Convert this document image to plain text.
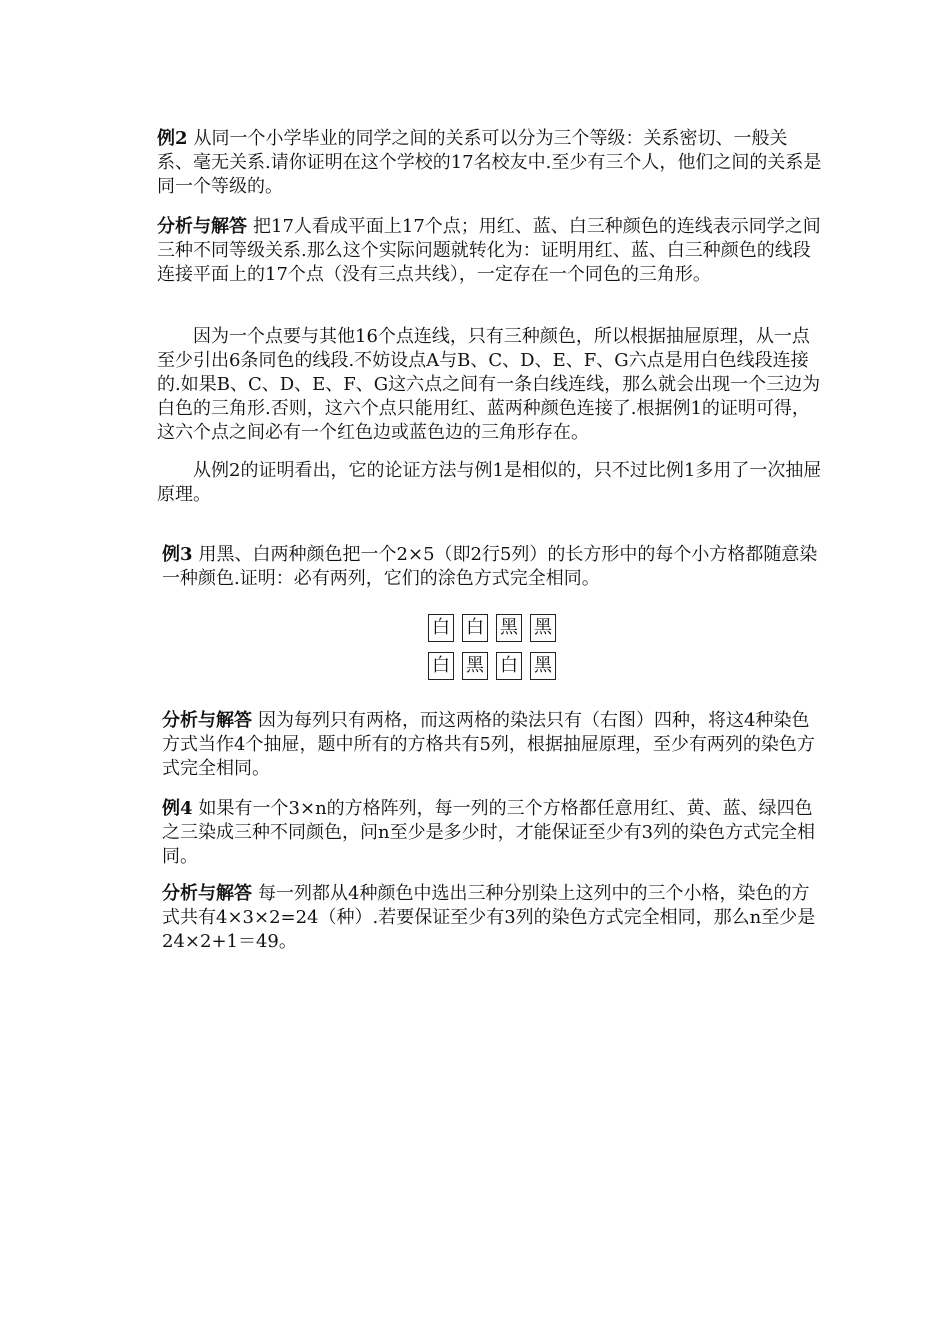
例2 从同一个小学毕业的同学之间的关系可以分为三个等级：关系密切、一般关系、毫无关系.请你证明在这个学校的17名校友中.至少有三个人，他们之间的关系是同一个等级的。

分析与解答 把17人看成平面上17个点；用红、蓝、白三种颜色的连线表示同学之间三种不同等级关系.那么这个实际问题就转化为：证明用红、蓝、白三种颜色的线段连接平面上的17个点（没有三点共线），一定存在一个同色的三角形。

因为一个点要与其他16个点连线，只有三种颜色，所以根据抽屉原理，从一点至少引出6条同色的线段.不妨设点A与B、C、D、E、F、G六点是用白色线段连接的.如果B、C、D、E、F、G这六点之间有一条白线连线，那么就会出现一个三边为白色的三角形.否则，这六个点只能用红、蓝两种颜色连接了.根据例1的证明可得，这六个点之间必有一个红色边或蓝色边的三角形存在。

从例2的证明看出，它的论证方法与例1是相似的，只不过比例1多用了一次抽屉原理。

例3 用黑、白两种颜色把一个2×5（即2行5列）的长方形中的每个小方格都随意染一种颜色.证明：必有两列，它们的涂色方式完全相同。

白 白 黑 黑
白 黑 白 黑

分析与解答 因为每列只有两格，而这两格的染法只有（右图）四种，将这4种染色方式当作4个抽屉，题中所有的方格共有5列，根据抽屉原理，至少有两列的染色方式完全相同。

例4 如果有一个3×n的方格阵列，每一列的三个方格都任意用红、黄、蓝、绿四色之三染成三种不同颜色，问n至少是多少时，才能保证至少有3列的染色方式完全相同。

分析与解答 每一列都从4种颜色中选出三种分别染上这列中的三个小格，染色的方式共有4×3×2=24（种）.若要保证至少有3列的染色方式完全相同，那么n至少是24×2+1＝49。
